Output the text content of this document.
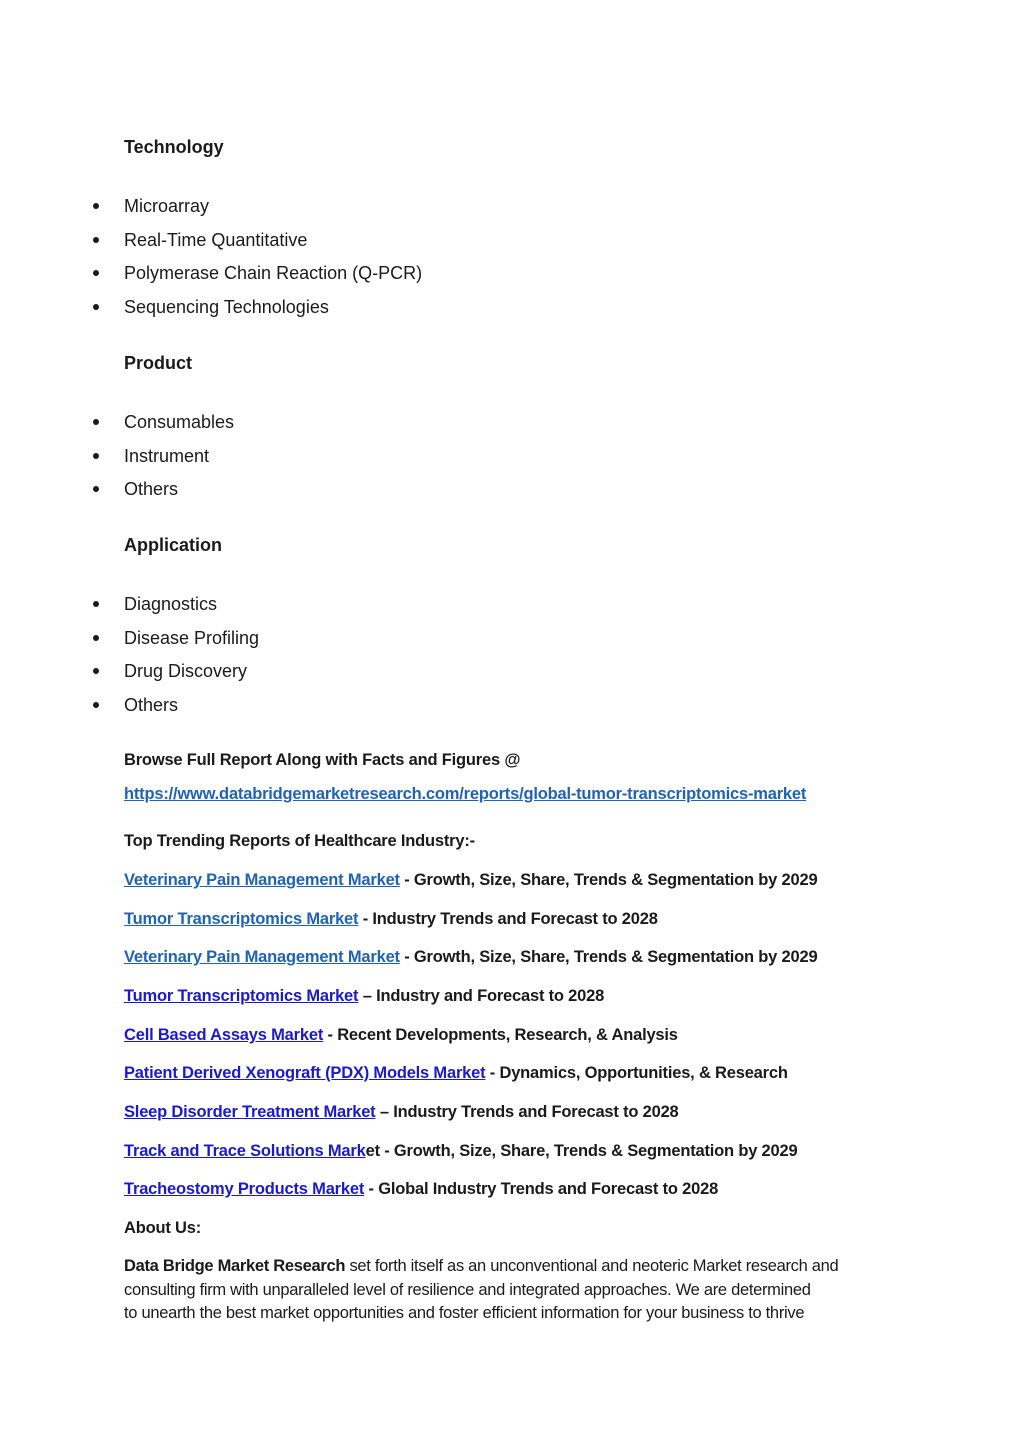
Technology
Microarray
Real-Time Quantitative
Polymerase Chain Reaction (Q-PCR)
Sequencing Technologies
Product
Consumables
Instrument
Others
Application
Diagnostics
Disease Profiling
Drug Discovery
Others
Browse Full Report Along with Facts and Figures @
https://www.databridgemarketresearch.com/reports/global-tumor-transcriptomics-market
Top Trending Reports of Healthcare Industry:-
Veterinary Pain Management Market - Growth, Size, Share, Trends & Segmentation by 2029
Tumor Transcriptomics Market - Industry Trends and Forecast to 2028
Veterinary Pain Management Market - Growth, Size, Share, Trends & Segmentation by 2029
Tumor Transcriptomics Market – Industry and Forecast to 2028
Cell Based Assays Market - Recent Developments, Research, & Analysis
Patient Derived Xenograft (PDX) Models Market - Dynamics, Opportunities, & Research
Sleep Disorder Treatment Market – Industry Trends and Forecast to 2028
Track and Trace Solutions Market - Growth, Size, Share, Trends & Segmentation by 2029
Tracheostomy Products Market - Global Industry Trends and Forecast to 2028
About Us:
Data Bridge Market Research set forth itself as an unconventional and neoteric Market research and
consulting firm with unparalleled level of resilience and integrated approaches. We are determined
to unearth the best market opportunities and foster efficient information for your business to thrive
